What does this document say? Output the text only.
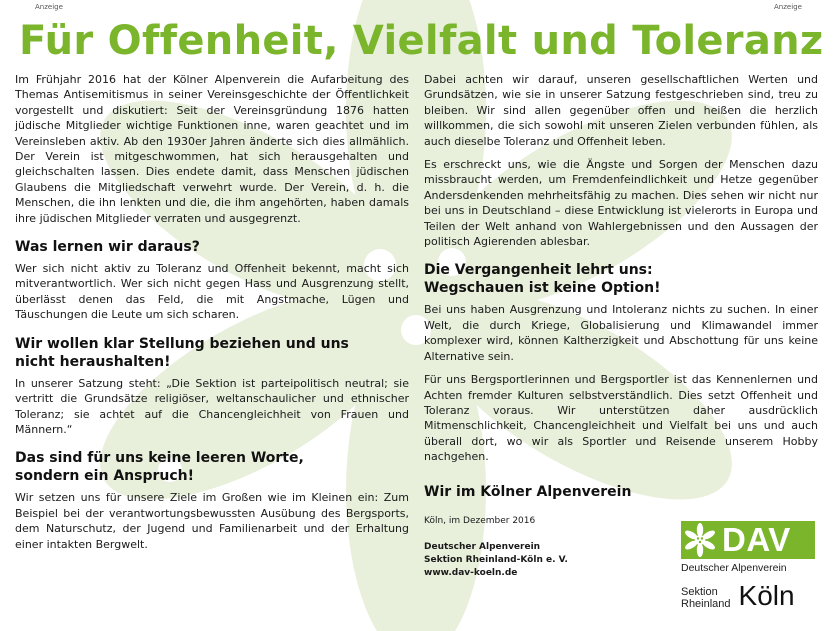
Anzeige	Anzeige
Für Offenheit, Vielfalt und Toleranz

Im Frühjahr 2016 hat der Kölner Alpenverein die Aufarbeitung des Themas Antisemitismus in seiner Vereinsgeschichte der Öffentlichkeit vorgestellt und diskutiert: Seit der Vereinsgründung 1876 hatten jüdische Mitglieder wichtige Funktionen inne, waren geachtet und im Vereinsleben aktiv. Ab den 1930er Jahren änderte sich dies allmählich. Der Verein ist mitgeschwommen, hat sich herausgehalten und gleichschalten lassen. Dies endete damit, dass Menschen jüdischen Glaubens die Mitgliedschaft verwehrt wurde. Der Verein, d. h. die Menschen, die ihn lenkten und die, die ihm angehörten, haben damals ihre jüdischen Mitglieder verraten und ausgegrenzt.

Was lernen wir daraus?

Wer sich nicht aktiv zu Toleranz und Offenheit bekennt, macht sich mitverantwortlich. Wer sich nicht gegen Hass und Ausgrenzung stellt, überlässt denen das Feld, die mit Angstmache, Lügen und Täuschungen die Leute um sich scharen.

Wir wollen klar Stellung beziehen und uns
nicht heraushalten!

In unserer Satzung steht: „Die Sektion ist parteipolitisch neutral; sie vertritt die Grundsätze religiöser, weltanschaulicher und ethnischer Toleranz; sie achtet auf die Chancengleichheit von Frauen und Männern.“

Das sind für uns keine leeren Worte,
sondern ein Anspruch!

Wir setzen uns für unsere Ziele im Großen wie im Kleinen ein: Zum Beispiel bei der verantwortungsbewussten Ausübung des Bergsports, dem Naturschutz, der Jugend und Familienarbeit und der Erhaltung einer intakten Bergwelt.

Dabei achten wir darauf, unseren gesellschaftlichen Werten und Grundsätzen, wie sie in unserer Satzung festgeschrieben sind, treu zu bleiben. Wir sind allen gegenüber offen und heißen die herzlich willkommen, die sich sowohl mit unseren Zielen verbunden fühlen, als auch dieselbe Toleranz und Offenheit leben.

Es erschreckt uns, wie die Ängste und Sorgen der Menschen dazu missbraucht werden, um Fremdenfeindlichkeit und Hetze gegenüber Andersdenkenden mehrheitsfähig zu machen. Dies sehen wir nicht nur bei uns in Deutschland – diese Entwicklung ist vielerorts in Europa und Teilen der Welt anhand von Wahlergebnissen und den Aussagen der politisch Agierenden ablesbar.

Die Vergangenheit lehrt uns:
Wegschauen ist keine Option!

Bei uns haben Ausgrenzung und Intoleranz nichts zu suchen. In einer Welt, die durch Kriege, Globalisierung und Klimawandel immer komplexer wird, können Kaltherzigkeit und Abschottung für uns keine Alternative sein.

Für uns Bergsportlerinnen und Bergsportler ist das Kennenlernen und Achten fremder Kulturen selbstverständlich. Dies setzt Offenheit und Toleranz voraus. Wir unterstützen daher ausdrücklich Mitmenschlichkeit, Chancengleichheit und Vielfalt bei uns und auch überall dort, wo wir als Sportler und Reisende unserem Hobby nachgehen.

Wir im Kölner Alpenverein
Köln, im Dezember 2016
Deutscher Alpenverein
Sektion Rheinland-Köln e. V.
www.dav-koeln.de
DAV
Deutscher Alpenverein
Sektion
Rheinland Köln
